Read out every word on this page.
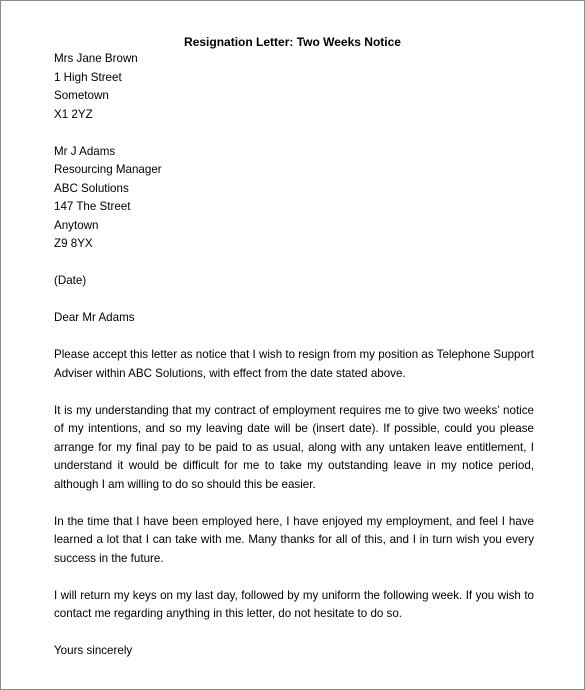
Resignation Letter: Two Weeks Notice
Mrs Jane Brown
1 High Street
Sometown
X1 2YZ
Mr J Adams
Resourcing Manager
ABC Solutions
147 The Street
Anytown
Z9 8YX
(Date)
Dear Mr Adams

Please accept this letter as notice that I wish to resign from my position as Telephone Support Adviser within ABC Solutions, with effect from the date stated above.

It is my understanding that my contract of employment requires me to give two weeks’ notice of my intentions, and so my leaving date will be (insert date). If possible, could you please arrange for my final pay to be paid to as usual, along with any untaken leave entitlement, I understand it would be difficult for me to take my outstanding leave in my notice period, although I am willing to do so should this be easier.

In the time that I have been employed here, I have enjoyed my employment, and feel I have learned a lot that I can take with me. Many thanks for all of this, and I in turn wish you every success in the future.

I will return my keys on my last day, followed by my uniform the following week. If you wish to contact me regarding anything in this letter, do not hesitate to do so.

Yours sincerely
